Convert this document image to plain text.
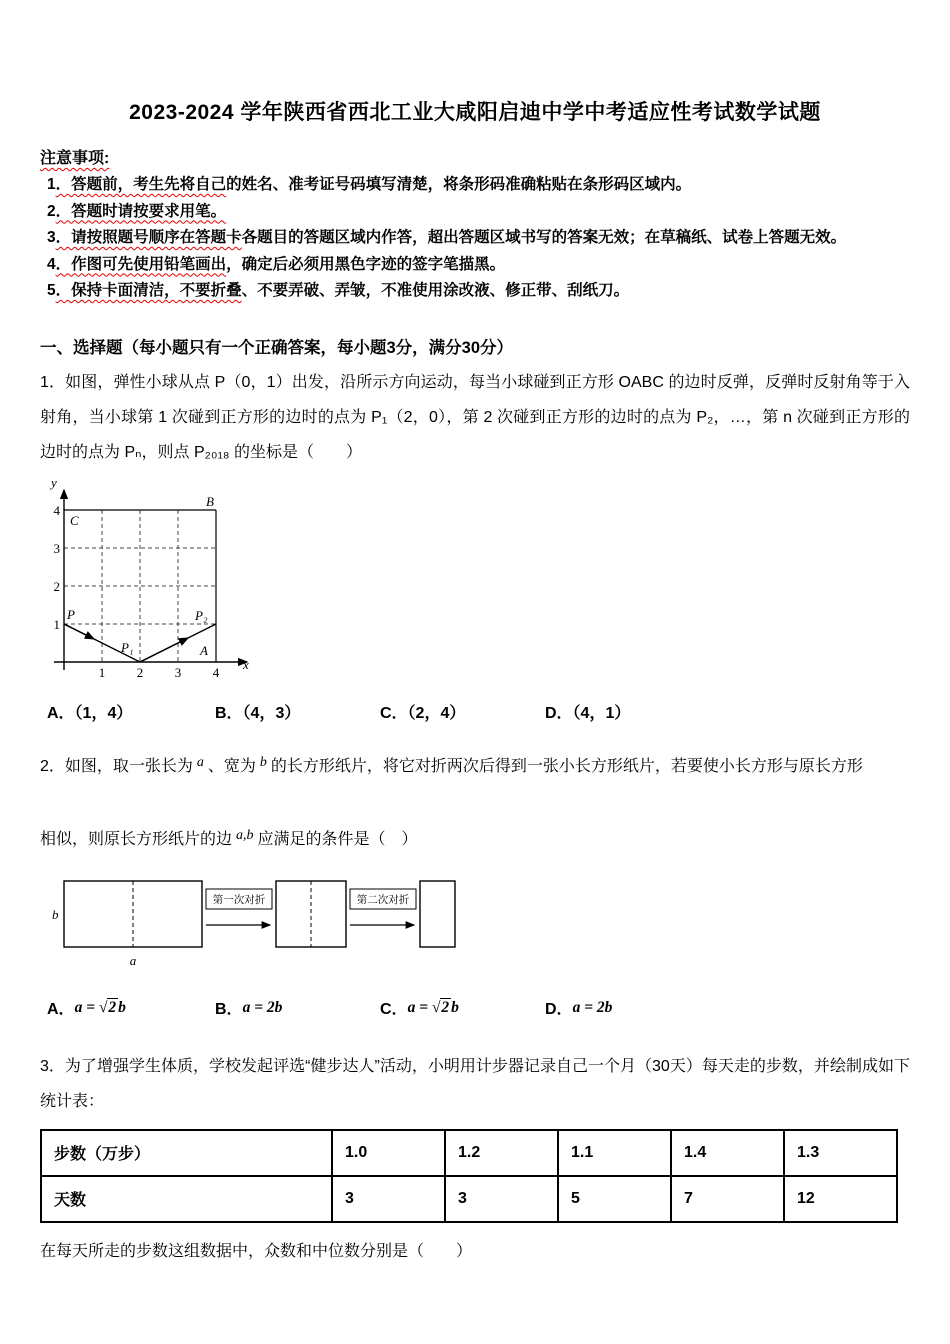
2023-2024 学年陕西省西北工业大咸阳启迪中学中考适应性考试数学试题
注意事项:
1．答题前，考生先将自己的姓名、准考证号码填写清楚，将条形码准确粘贴在条形码区域内。
2．答题时请按要求用笔。
3．请按照题号顺序在答题卡各题目的答题区域内作答，超出答题区域书写的答案无效；在草稿纸、试卷上答题无效。
4．作图可先使用铅笔画出，确定后必须用黑色字迹的签字笔描黑。
5．保持卡面清洁，不要折叠、不要弄破、弄皱，不准使用涂改液、修正带、刮纸刀。
一、选择题（每小题只有一个正确答案，每小题3分，满分30分）

1．如图，弹性小球从点 P（0，1）出发，沿所示方向运动，每当小球碰到正方形 OABC 的边时反弹，反弹时反射角等于入射角，当小球第 1 次碰到正方形的边时的点为 P₁（2，0），第 2 次碰到正方形的边时的点为 P₂，…，第 n 次碰到正方形的边时的点为 Pₙ，则点 P₂₀₁₈ 的坐标是（　　）

y
x
4
3
2
1
1 2 3 4
C
B
A
P
P₁
P₂
A．（1，4）	B．（4，3）	C．（2，4）	D．（4，1）

2．如图，取一张长为 a 、宽为 b 的长方形纸片，将它对折两次后得到一张小长方形纸片，若要使小长方形与原长方形

相似，则原长方形纸片的边 a,b 应满足的条件是（　）

b
a
第一次对折	第二次对折
A．a = √2 b	B．a = 2b	C．a = √2 b	D．a = 2b

3．为了增强学生体质，学校发起评选“健步达人”活动，小明用计步器记录自己一个月（30天）每天走的步数，并绘制成如下统计表：

步数（万步）	1.0	1.2	1.1	1.4	1.3
天数	3	3	5	7	12

在每天所走的步数这组数据中，众数和中位数分别是（　　）
